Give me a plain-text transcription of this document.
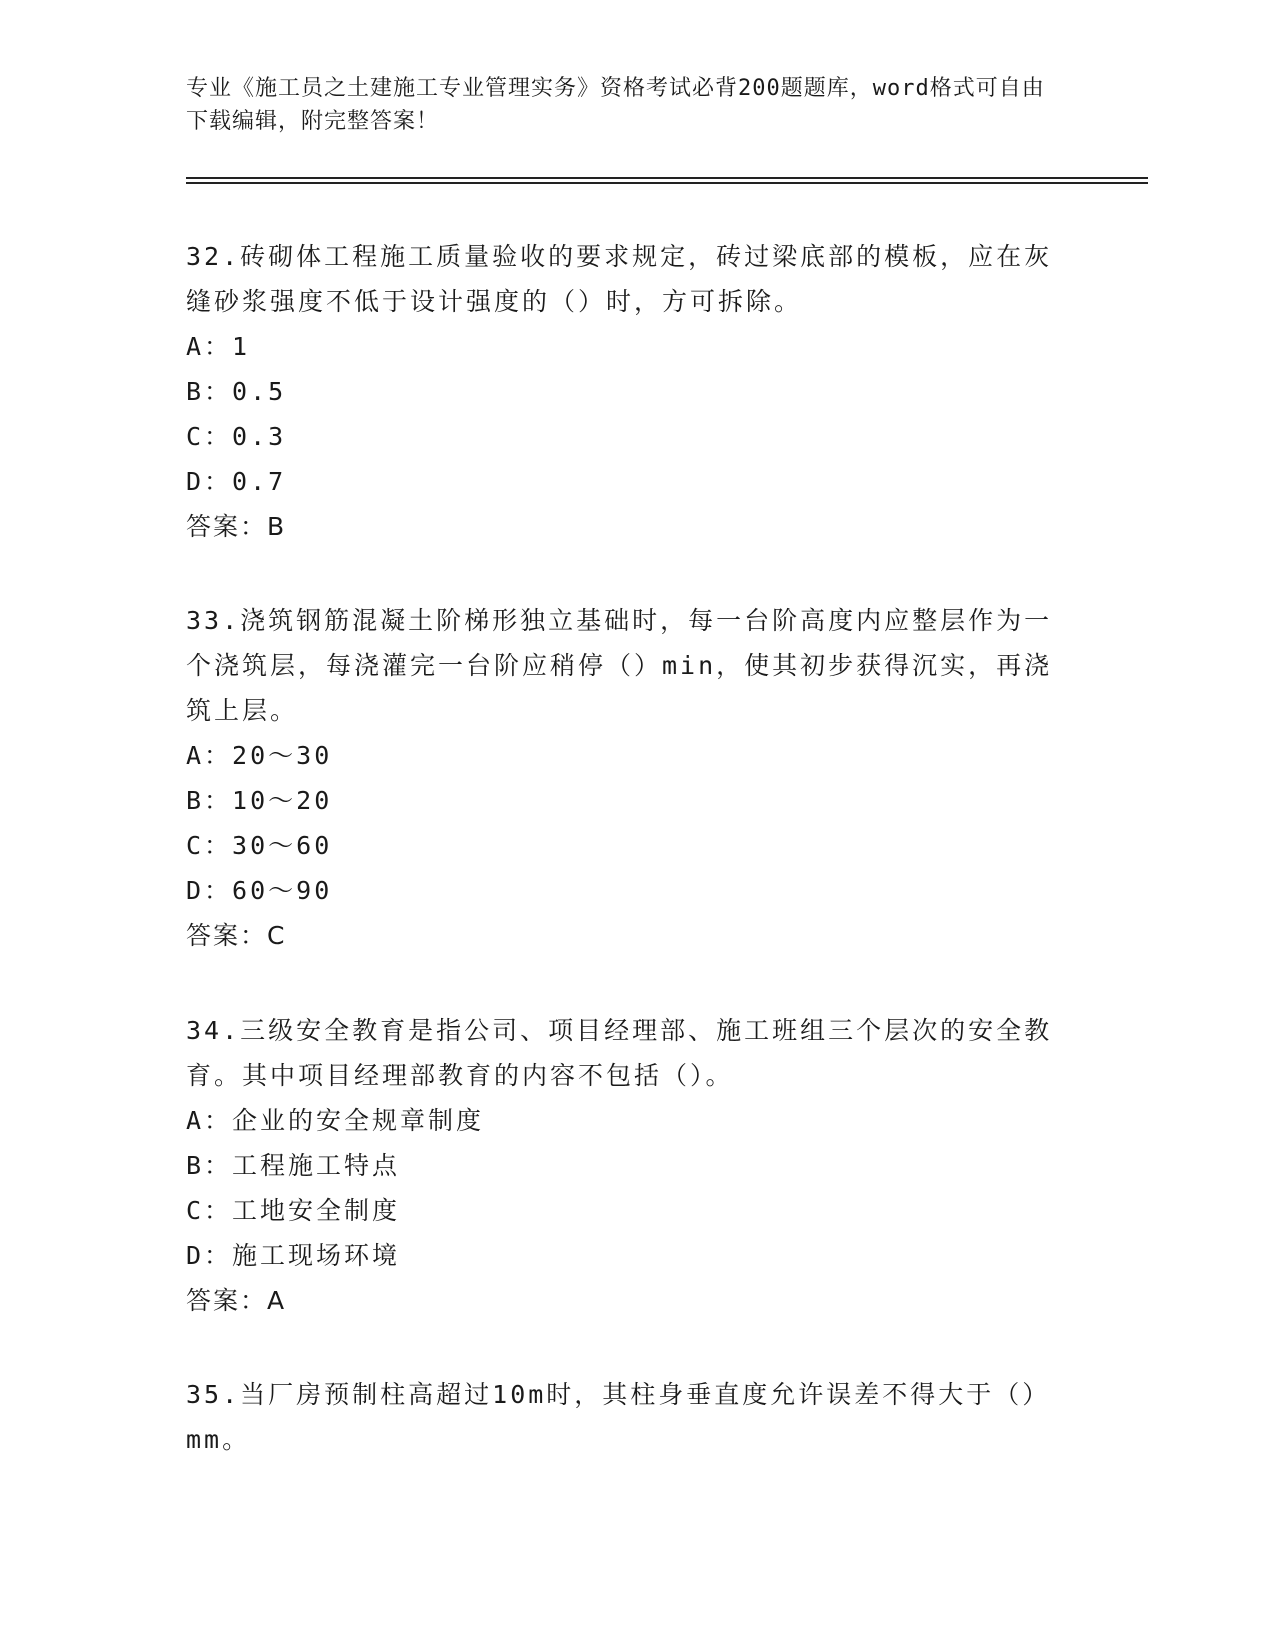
专业《施工员之土建施工专业管理实务》资格考试必背200题题库，word格式可自由下载编辑，附完整答案！

32.砖砌体工程施工质量验收的要求规定，砖过梁底部的模板，应在灰缝砂浆强度不低于设计强度的（）时，方可拆除。

A：1

B：0.5

C：0.3

D：0.7

答案：B

33.浇筑钢筋混凝土阶梯形独立基础时，每一台阶高度内应整层作为一个浇筑层，每浇灌完一台阶应稍停（）min，使其初步获得沉实，再浇筑上层。

A：20～30

B：10～20

C：30～60

D：60～90

答案：C

34.三级安全教育是指公司、项目经理部、施工班组三个层次的安全教育。其中项目经理部教育的内容不包括（）。

A：企业的安全规章制度

B：工程施工特点

C：工地安全制度

D：施工现场环境

答案：A

35.当厂房预制柱高超过10m时，其柱身垂直度允许误差不得大于（）mm。
